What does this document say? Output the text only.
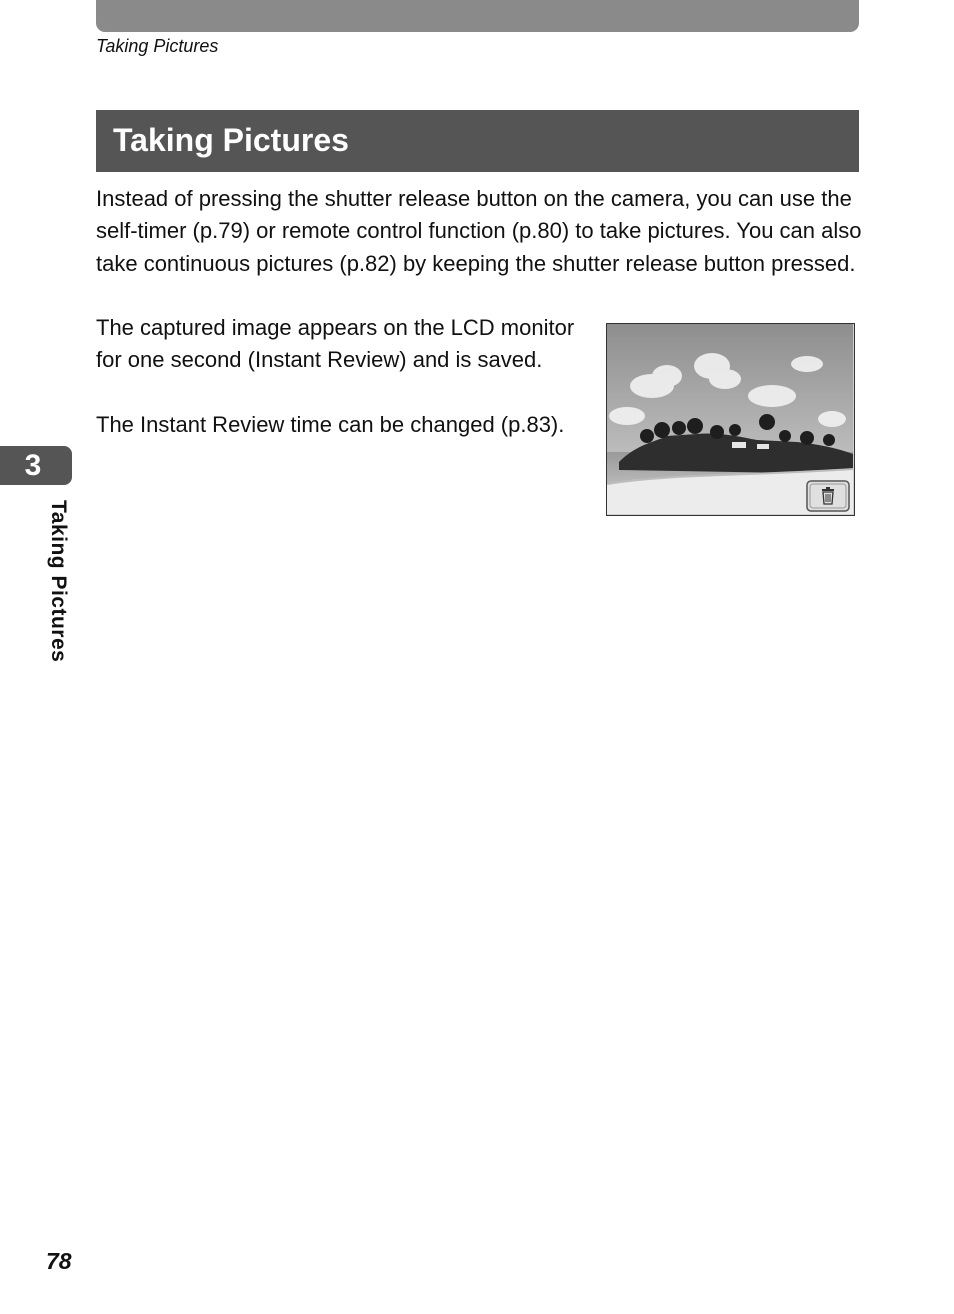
Taking Pictures
Taking Pictures

Instead of pressing the shutter release button on the camera, you can use the self-timer (p.79) or remote control function (p.80) to take pictures. You can also take continuous pictures (p.82) by keeping the shutter release button pressed.

The captured image appears on the LCD monitor for one second (Instant Review) and is saved.

The Instant Review time can be changed (p.83).

3
Taking Pictures
78
